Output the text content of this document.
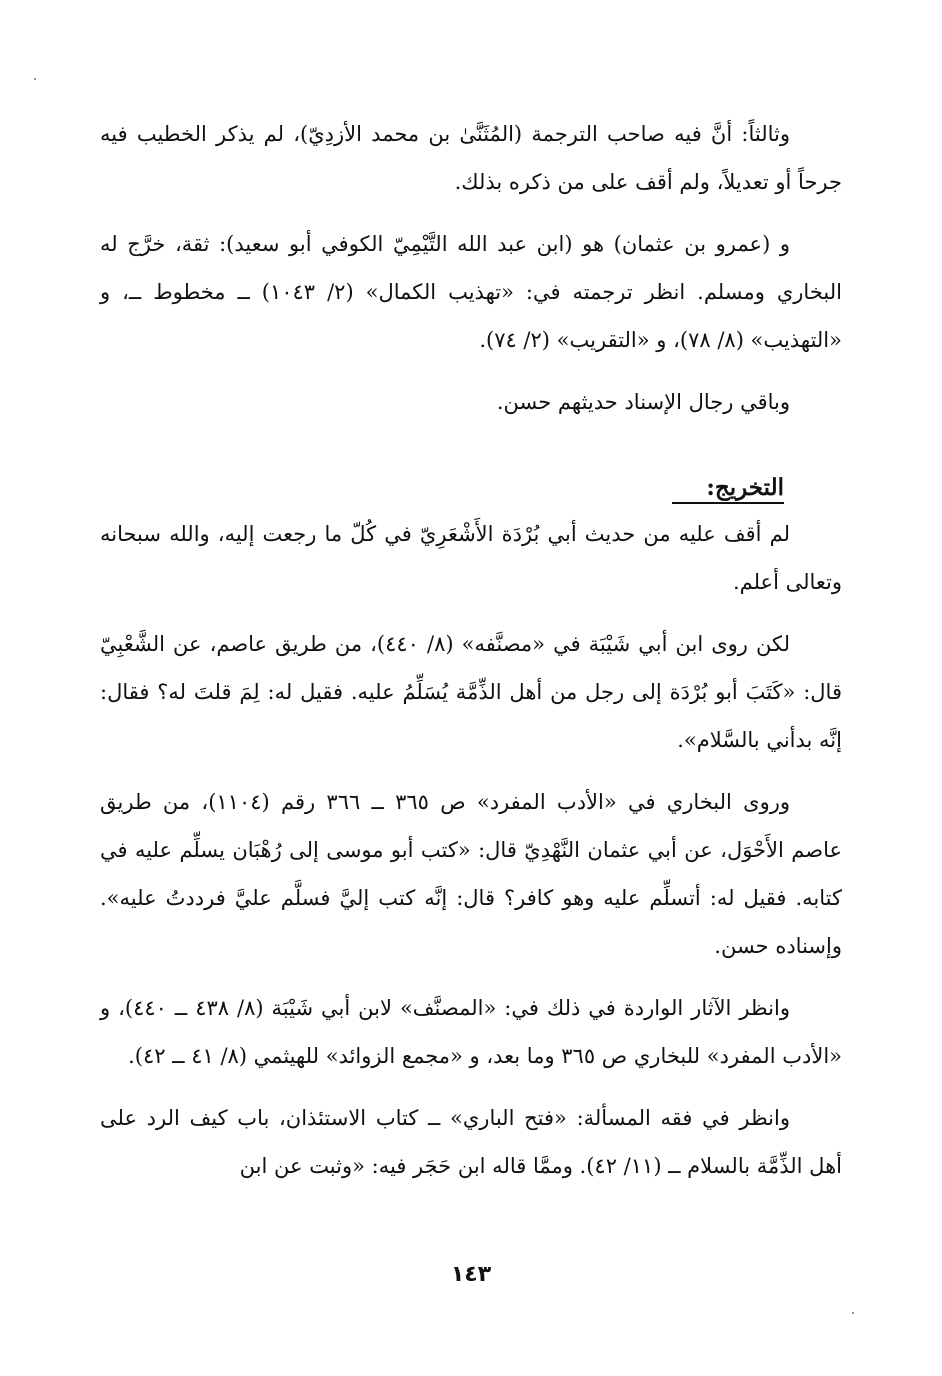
وثالثاً: أنَّ فيه صاحب الترجمة (المُثَنَّىٰ بن محمد الأزدِيّ)، لم يذكر الخطيب فيه جرحاً أو تعديلاً، ولم أقف على من ذكره بذلك.

و (عمرو بن عثمان) هو (ابن عبد الله التَّيْمِيّ الكوفي أبو سعيد): ثقة، خرَّج له البخاري ومسلم. انظر ترجمته في: «تهذيب الكمال» (٢/ ١٠٤٣) ــ مخطوط ــ، و «التهذيب» (٨/ ٧٨)، و «التقريب» (٢/ ٧٤).

وباقي رجال الإسناد حديثهم حسن.

التخريج:

لم أقف عليه من حديث أبي بُرْدَة الأَشْعَرِيّ في كُلّ ما رجعت إليه، والله سبحانه وتعالى أعلم.

لكن روى ابن أبي شَيْبَة في «مصنَّفه» (٨/ ٤٤٠)، من طريق عاصم، عن الشَّعْبِيّ قال: «كَتَبَ أبو بُرْدَة إلى رجل من أهل الذِّمَّة يُسَلِّمُ عليه. فقيل له: لِمَ قلتَ له؟ فقال: إنَّه بدأني بالسَّلام».

وروى البخاري في «الأدب المفرد» ص ٣٦٥ ــ ٣٦٦ رقم (١١٠٤)، من طريق عاصم الأَحْوَل، عن أبي عثمان النَّهْدِيّ قال: «كتب أبو موسى إلى رُهْبَان يسلِّم عليه في كتابه. فقيل له: أتسلِّم عليه وهو كافر؟ قال: إنَّه كتب إليَّ فسلَّم عليَّ فرددتُ عليه». وإسناده حسن.

وانظر الآثار الواردة في ذلك في: «المصنَّف» لابن أبي شَيْبَة (٨/ ٤٣٨ ــ ٤٤٠)، و «الأدب المفرد» للبخاري ص ٣٦٥ وما بعد، و «مجمع الزوائد» للهيثمي (٨/ ٤١ ــ ٤٢).

وانظر في فقه المسألة: «فتح الباري» ــ كتاب الاستئذان، باب كيف الرد على أهل الذِّمَّة بالسلام ــ (١١/ ٤٢). وممَّا قاله ابن حَجَر فيه: «وثبت عن ابن

١٤٣
